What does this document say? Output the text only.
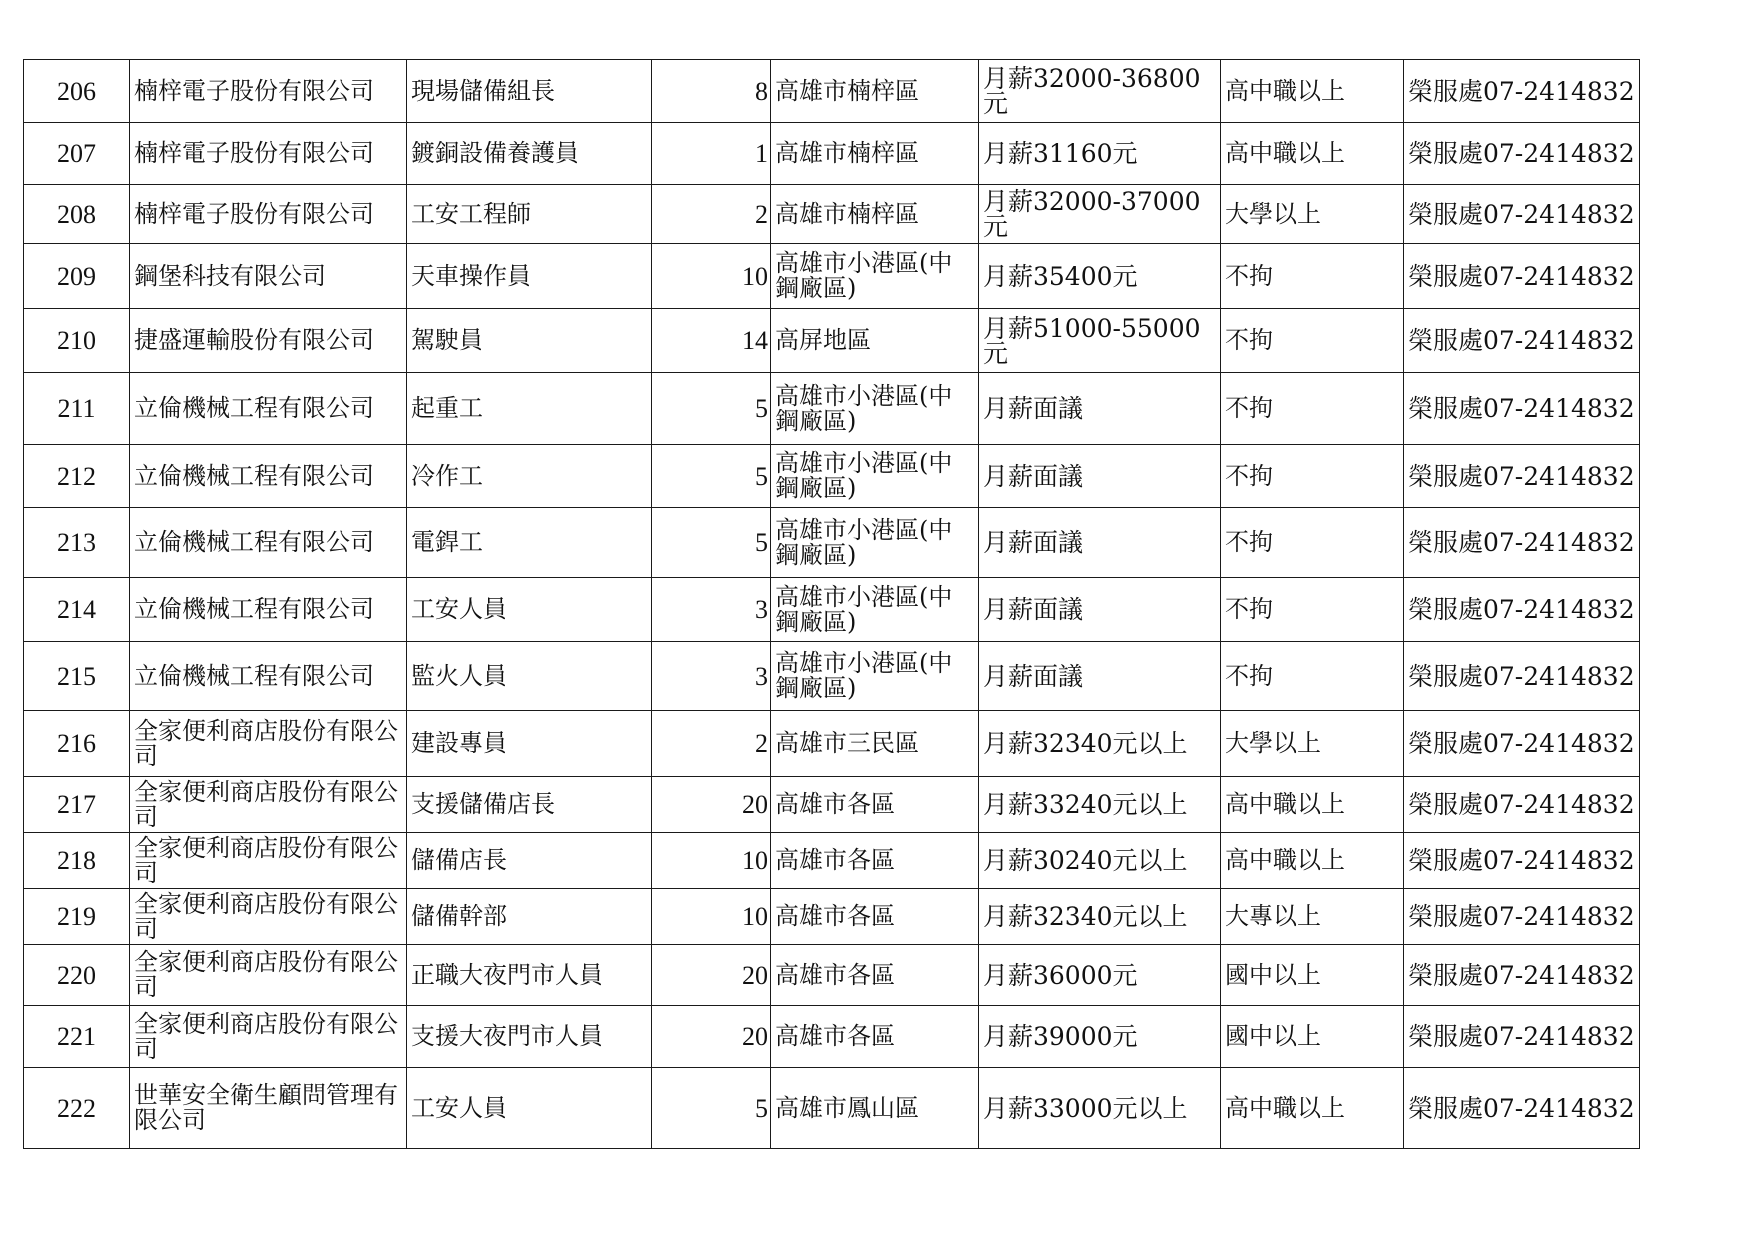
206	楠梓電子股份有限公司	現場儲備組長	8	高雄市楠梓區	月薪32000-36800元	高中職以上	榮服處07-2414832
207	楠梓電子股份有限公司	鍍銅設備養護員	1	高雄市楠梓區	月薪31160元	高中職以上	榮服處07-2414832
208	楠梓電子股份有限公司	工安工程師	2	高雄市楠梓區	月薪32000-37000元	大學以上	榮服處07-2414832
209	鋼堡科技有限公司	天車操作員	10	高雄市小港區(中鋼廠區)	月薪35400元	不拘	榮服處07-2414832
210	捷盛運輸股份有限公司	駕駛員	14	高屏地區	月薪51000-55000元	不拘	榮服處07-2414832
211	立倫機械工程有限公司	起重工	5	高雄市小港區(中鋼廠區)	月薪面議	不拘	榮服處07-2414832
212	立倫機械工程有限公司	冷作工	5	高雄市小港區(中鋼廠區)	月薪面議	不拘	榮服處07-2414832
213	立倫機械工程有限公司	電銲工	5	高雄市小港區(中鋼廠區)	月薪面議	不拘	榮服處07-2414832
214	立倫機械工程有限公司	工安人員	3	高雄市小港區(中鋼廠區)	月薪面議	不拘	榮服處07-2414832
215	立倫機械工程有限公司	監火人員	3	高雄市小港區(中鋼廠區)	月薪面議	不拘	榮服處07-2414832
216	全家便利商店股份有限公司	建設專員	2	高雄市三民區	月薪32340元以上	大學以上	榮服處07-2414832
217	全家便利商店股份有限公司	支援儲備店長	20	高雄市各區	月薪33240元以上	高中職以上	榮服處07-2414832
218	全家便利商店股份有限公司	儲備店長	10	高雄市各區	月薪30240元以上	高中職以上	榮服處07-2414832
219	全家便利商店股份有限公司	儲備幹部	10	高雄市各區	月薪32340元以上	大專以上	榮服處07-2414832
220	全家便利商店股份有限公司	正職大夜門市人員	20	高雄市各區	月薪36000元	國中以上	榮服處07-2414832
221	全家便利商店股份有限公司	支援大夜門市人員	20	高雄市各區	月薪39000元	國中以上	榮服處07-2414832
222	世華安全衛生顧問管理有限公司	工安人員	5	高雄市鳳山區	月薪33000元以上	高中職以上	榮服處07-2414832
